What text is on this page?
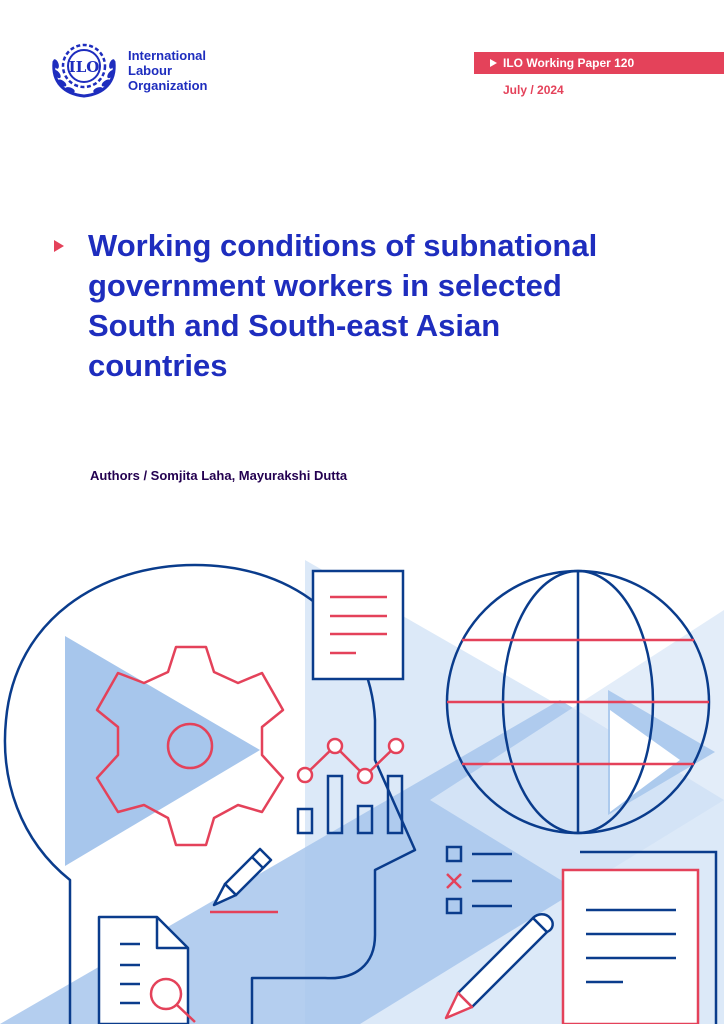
ILO
International
Labour
Organization
ILO Working Paper 120
July / 2024
Working conditions of subnational government workers in selected South and South-east Asian countries
Authors / Somjita Laha, Mayurakshi Dutta
